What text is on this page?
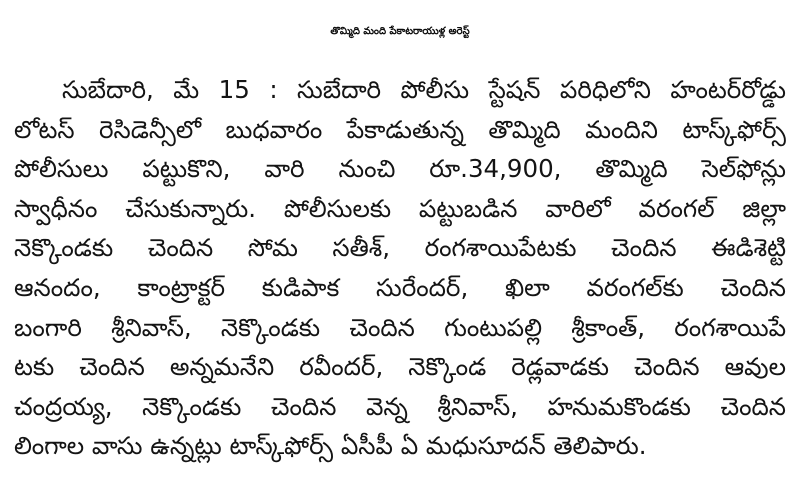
తొమ్మిది మంది పేకాటరాయుళ్ల అరెస్ట్
సుబేదారి, మే 15 : సుబేదారి పోలీసు స్టేషన్ పరిధిలోని హంటర్‌రోడ్డు
లోటస్ రెసిడెన్సీలో బుధవారం పేకాడుతున్న తొమ్మిది మందిని టాస్క్‌ఫోర్స్
పోలీసులు పట్టుకొని, వారి నుంచి రూ.34,900, తొమ్మిది సెల్‌ఫోన్లు
స్వాధీనం చేసుకున్నారు. పోలీసులకు పట్టుబడిన వారిలో వరంగల్ జిల్లా
నెక్కొండకు చెందిన సోమ సతీశ్, రంగశాయిపేటకు చెందిన ఈడిశెట్టి
ఆనందం, కాంట్రాక్టర్ కుడిపాక సురేందర్, ఖిలా వరంగల్‌కు చెందిన
బంగారి శ్రీనివాస్, నెక్కొండకు చెందిన గుంటుపల్లి శ్రీకాంత్, రంగశాయిపే
టకు చెందిన అన్నమనేని రవీందర్, నెక్కొండ రెడ్లవాడకు చెందిన ఆవుల
చంద్రయ్య, నెక్కొండకు చెందిన వెన్న శ్రీనివాస్, హనుమకొండకు చెందిన
లింగాల వాసు ఉన్నట్లు టాస్క్‌ఫోర్స్ ఏసీపీ ఏ మధుసూదన్ తెలిపారు.
